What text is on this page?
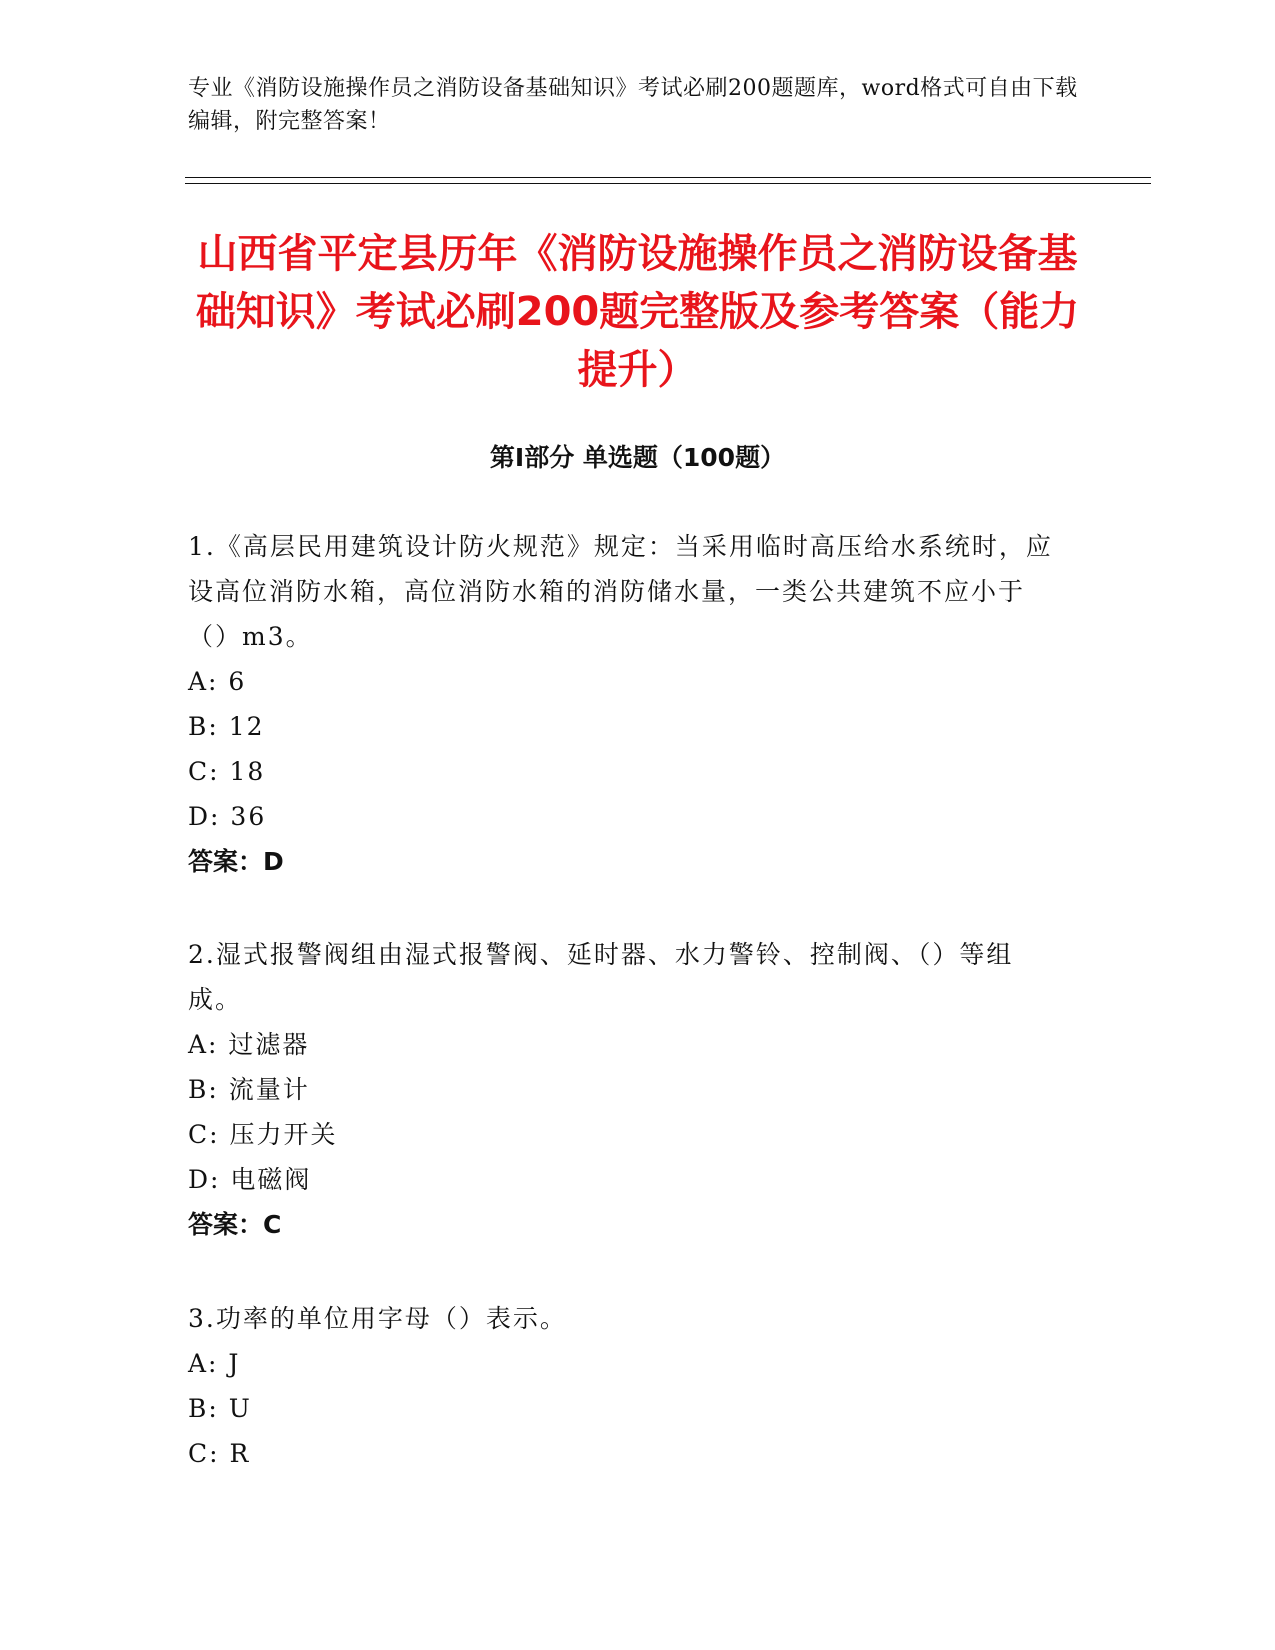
专业《消防设施操作员之消防设备基础知识》考试必刷200题题库，word格式可自由下载编辑，附完整答案！
山西省平定县历年《消防设施操作员之消防设备基础知识》考试必刷200题完整版及参考答案（能力提升）
第Ⅰ部分 单选题（100题）

1.《高层民用建筑设计防火规范》规定：当采用临时高压给水系统时，应设高位消防水箱，高位消防水箱的消防储水量，一类公共建筑不应小于（）m3。

A: 6

B: 12

C: 18

D: 36

答案：D

2.湿式报警阀组由湿式报警阀、延时器、水力警铃、控制阀、（）等组成。

A: 过滤器

B: 流量计

C: 压力开关

D: 电磁阀

答案：C

3.功率的单位用字母（）表示。

A: J

B: U

C: R
